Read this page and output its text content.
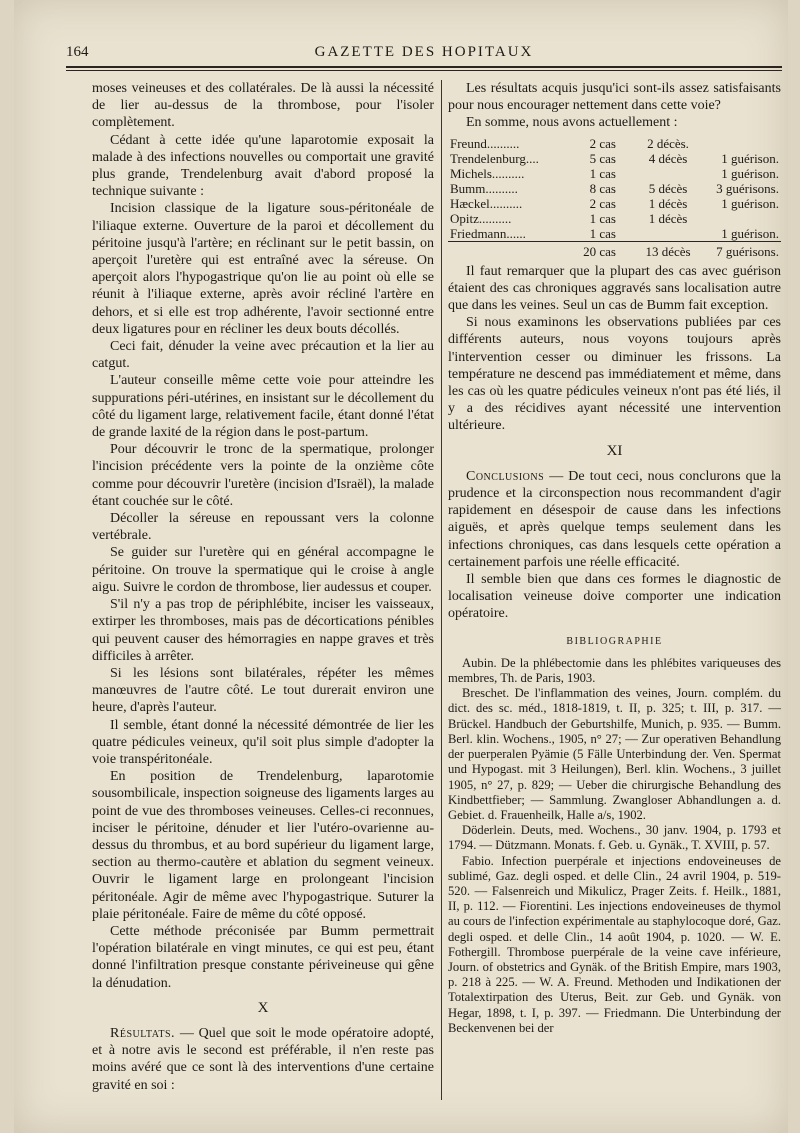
164	GAZETTE DES HOPITAUX

moses veineuses et des collatérales. De là aussi la nécessité de lier au-dessus de la thrombose, pour l'isoler complètement.

Cédant à cette idée qu'une laparotomie exposait la malade à des infections nouvelles ou comportait une gravité plus grande, Trendelenburg avait d'abord proposé la technique suivante :

Incision classique de la ligature sous-péritonéale de l'iliaque externe. Ouverture de la paroi et décollement du péritoine jusqu'à l'artère; en réclinant sur le petit bassin, on aperçoit l'uretère qui est entraîné avec la séreuse. On aperçoit alors l'hypogastrique qu'on lie au point où elle se réunit à l'iliaque externe, après avoir récliné l'artère en dehors, et si elle est trop adhérente, l'avoir sectionné entre deux ligatures pour en récliner les deux bouts décollés.

Ceci fait, dénuder la veine avec précaution et la lier au catgut.

L'auteur conseille même cette voie pour atteindre les suppurations péri-utérines, en insistant sur le décollement du côté du ligament large, relativement facile, étant donné l'état de grande laxité de la région dans le post-partum.

Pour découvrir le tronc de la spermatique, prolonger l'incision précédente vers la pointe de la onzième côte comme pour découvrir l'uretère (incision d'Israël), la malade étant couchée sur le côté.

Décoller la séreuse en repoussant vers la colonne vertébrale.

Se guider sur l'uretère qui en général accompagne le péritoine. On trouve la spermatique qui le croise à angle aigu. Suivre le cordon de thrombose, lier audessus et couper.

S'il n'y a pas trop de périphlébite, inciser les vaisseaux, extirper les thromboses, mais pas de décortications pénibles qui peuvent causer des hémorragies en nappe graves et très difficiles à arrêter.

Si les lésions sont bilatérales, répéter les mêmes manœuvres de l'autre côté. Le tout durerait environ une heure, d'après l'auteur.

Il semble, étant donné la nécessité démontrée de lier les quatre pédicules veineux, qu'il soit plus simple d'adopter la voie transpéritonéale.

En position de Trendelenburg, laparotomie sousombilicale, inspection soigneuse des ligaments larges au point de vue des thromboses veineuses. Celles-ci reconnues, inciser le péritoine, dénuder et lier l'utéro-ovarienne au-dessus du thrombus, et au bord supérieur du ligament large, section au thermo-cautère et ablation du segment veineux. Ouvrir le ligament large en prolongeant l'incision péritonéale. Agir de même avec l'hypogastrique. Suturer la plaie péritonéale. Faire de même du côté opposé.

Cette méthode préconisée par Bumm permettrait l'opération bilatérale en vingt minutes, ce qui est peu, étant donné l'infiltration presque constante périveineuse qui gêne la dénudation.

X

Résultats. — Quel que soit le mode opératoire adopté, et à notre avis le second est préférable, il n'en reste pas moins avéré que ce sont là des interventions d'une certaine gravité en soi :

Les résultats acquis jusqu'ici sont-ils assez satisfaisants pour nous encourager nettement dans cette voie?

En somme, nous avons actuellement :

Freund..........	2 cas	2 décès.	
Trendelenburg....	5 cas	4 décès	1 guérison.
Michels..........	1 cas		1 guérison.
Bumm..........	8 cas	5 décès	3 guérisons.
Hæckel..........	2 cas	1 décès	1 guérison.
Opitz..........	1 cas	1 décès	
Friedmann......	1 cas		1 guérison.
	20 cas	13 décès	7 guérisons.

Il faut remarquer que la plupart des cas avec guérison étaient des cas chroniques aggravés sans localisation autre que dans les veines. Seul un cas de Bumm fait exception.

Si nous examinons les observations publiées par ces différents auteurs, nous voyons toujours après l'intervention cesser ou diminuer les frissons. La température ne descend pas immédiatement et même, dans les cas où les quatre pédicules veineux n'ont pas été liés, il y a des récidives ayant nécessité une intervention ultérieure.

XI

Conclusions — De tout ceci, nous conclurons que la prudence et la circonspection nous recommandent d'agir rapidement en désespoir de cause dans les infections aiguës, et après quelque temps seulement dans les infections chroniques, cas dans lesquels cette opération a certainement parfois une réelle efficacité.

Il semble bien que dans ces formes le diagnostic de localisation veineuse doive comporter une indication opératoire.

BIBLIOGRAPHIE

Aubin. De la phlébectomie dans les phlébites variqueuses des membres, Th. de Paris, 1903.

Breschet. De l'inflammation des veines, Journ. complém. du dict. des sc. méd., 1818-1819, t. II, p. 325; t. III, p. 317. — Brückel. Handbuch der Geburtshilfe, Munich, p. 935. — Bumm. Berl. klin. Wochens., 1905, n° 27; — Zur operativen Behandlung der puerperalen Pyämie (5 Fälle Unterbindung der. Ven. Spermat und Hypogast. mit 3 Heilungen), Berl. klin. Wochens., 3 juillet 1905, n° 27, p. 829; — Ueber die chirurgische Behandlung des Kindbettfieber; — Sammlung. Zwangloser Abhandlungen a. d. Gebiet. d. Frauenheilk, Halle a/s, 1902.

Döderlein. Deuts, med. Wochens., 30 janv. 1904, p. 1793 et 1794. — Dützmann. Monats. f. Geb. u. Gynäk., T. XVIII, p. 57.

Fabio. Infection puerpérale et injections endoveineuses de sublimé, Gaz. degli osped. et delle Clin., 24 avril 1904, p. 519-520. — Falsenreich und Mikulicz, Prager Zeits. f. Heilk., 1881, II, p. 112. — Fiorentini. Les injections endoveineuses de thymol au cours de l'infection expérimentale au staphylocoque doré, Gaz. degli osped. et delle Clin., 14 août 1904, p. 1020. — W. E. Fothergill. Thrombose puerpérale de la veine cave inférieure, Journ. of obstetrics and Gynäk. of the British Empire, mars 1903, p. 218 à 225. — W. A. Freund. Methoden und Indikationen der Totalextirpation des Uterus, Beit. zur Geb. und Gynäk. von Hegar, 1898, t. I, p. 397. — Friedmann. Die Unterbindung der Beckenvenen bei der
